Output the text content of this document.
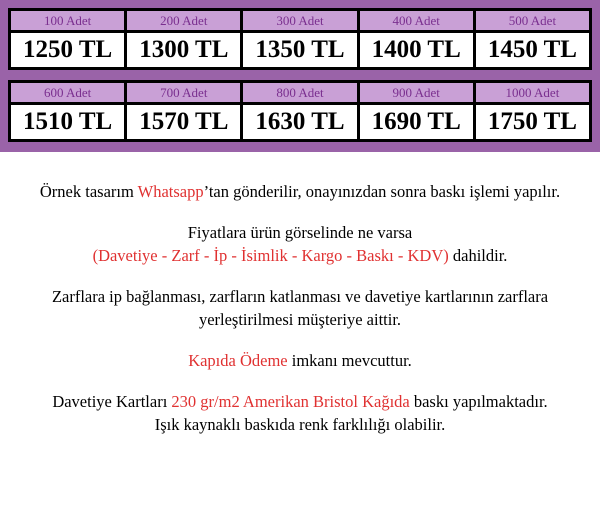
100 Adet
1250 TL
200 Adet
1300 TL
300 Adet
1350 TL
400 Adet
1400 TL
500 Adet
1450 TL
600 Adet
1510 TL
700 Adet
1570 TL
800 Adet
1630 TL
900 Adet
1690 TL
1000 Adet
1750 TL

Örnek tasarım Whatsapp’tan gönderilir, onayınızdan sonra baskı işlemi yapılır.

Fiyatlara ürün görselinde ne varsa
(Davetiye - Zarf - İp - İsimlik - Kargo - Baskı - KDV) dahildir.

Zarflara ip bağlanması, zarfların katlanması ve davetiye kartlarının zarflara yerleştirilmesi müşteriye aittir.

Kapıda Ödeme imkanı mevcuttur.

Davetiye Kartları 230 gr/m2 Amerikan Bristol Kağıda baskı yapılmaktadır.
Işık kaynaklı baskıda renk farklılığı olabilir.
